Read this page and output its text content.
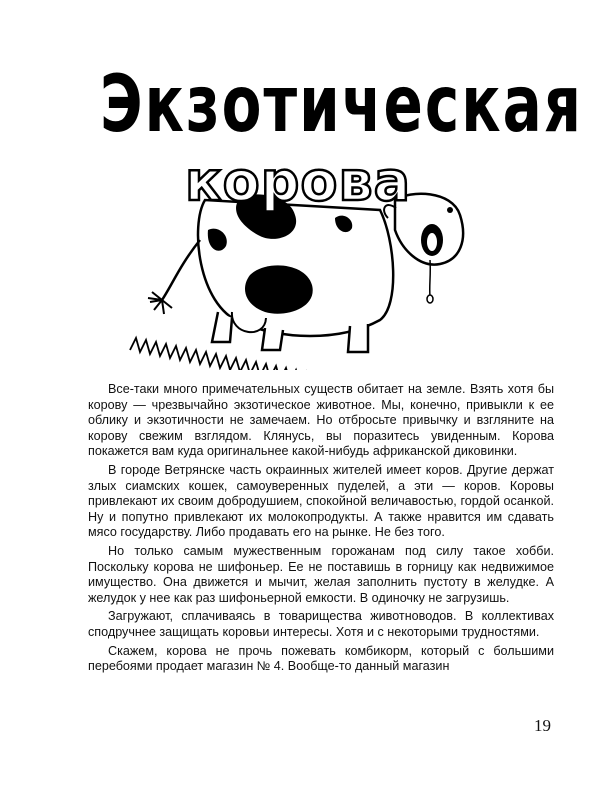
Экзотическая
корова

Все-таки много примечательных существ обитает на земле. Взять хотя бы корову — чрезвычайно экзотическое животное. Мы, конечно, привыкли к ее облику и экзотичности не замечаем. Но отбросьте привычку и взгляните на корову свежим взглядом. Клянусь, вы поразитесь увиденным. Корова покажется вам куда оригинальнее какой-нибудь африканской диковинки.

В городе Ветрянске часть окраинных жителей имеет коров. Другие держат злых сиамских кошек, самоуверенных пуделей, а эти — коров. Коровы привлекают их своим добродушием, спокойной величавостью, гордой осанкой. Ну и попутно привлекают их молокопродукты. А также нравится им сдавать мясо государству. Либо продавать его на рынке. Не без того.

Но только самым мужественным горожанам под силу такое хобби. Поскольку корова не шифоньер. Ее не поставишь в горницу как недвижимое имущество. Она движется и мычит, желая заполнить пустоту в желудке. А желудок у нее как раз шифоньерной емкости. В одиночку не загрузишь.

Загружают, сплачиваясь в товарищества животноводов. В коллективах сподручнее защищать коровьи интересы. Хотя и с некоторыми трудностями.

Скажем, корова не прочь пожевать комбикорм, который с большими перебоями продает магазин № 4. Вообще-то данный магазин

19
